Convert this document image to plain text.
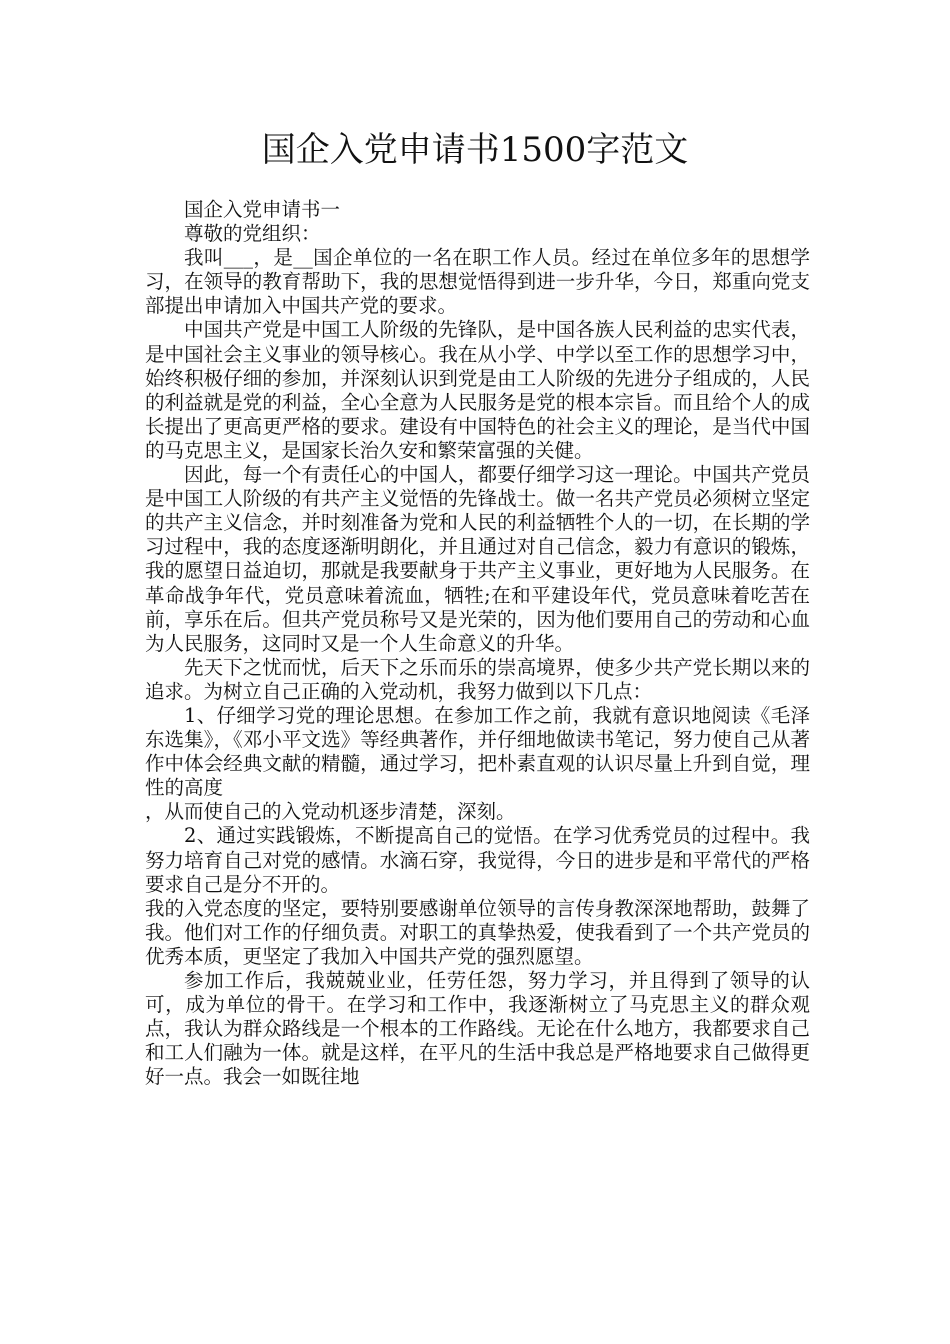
国企入党申请书1500字范文

国企入党申请书一

尊敬的党组织：

我叫___，是__国企单位的一名在职工作人员。经过在单位多年的思想学习，在领导的教育帮助下，我的思想觉悟得到进一步升华，今日，郑重向党支部提出申请加入中国共产党的要求。

中国共产党是中国工人阶级的先锋队，是中国各族人民利益的忠实代表，是中国社会主义事业的领导核心。我在从小学、中学以至工作的思想学习中，始终积极仔细的参加，并深刻认识到党是由工人阶级的先进分子组成的，人民的利益就是党的利益，全心全意为人民服务是党的根本宗旨。而且给个人的成长提出了更高更严格的要求。建设有中国特色的社会主义的理论，是当代中国的马克思主义，是国家长治久安和繁荣富强的关健。

因此，每一个有责任心的中国人，都要仔细学习这一理论。中国共产党员是中国工人阶级的有共产主义觉悟的先锋战士。做一名共产党员必须树立坚定的共产主义信念，并时刻准备为党和人民的利益牺牲个人的一切，在长期的学习过程中，我的态度逐渐明朗化，并且通过对自己信念，毅力有意识的锻炼，我的愿望日益迫切，那就是我要献身于共产主义事业，更好地为人民服务。在革命战争年代，党员意味着流血，牺牲;在和平建设年代，党员意味着吃苦在前，享乐在后。但共产党员称号又是光荣的，因为他们要用自己的劳动和心血为人民服务，这同时又是一个人生命意义的升华。

先天下之忧而忧，后天下之乐而乐的崇高境界，使多少共产党长期以来的追求。为树立自己正确的入党动机，我努力做到以下几点：

1、仔细学习党的理论思想。在参加工作之前，我就有意识地阅读《毛泽东选集》，《邓小平文选》等经典著作，并仔细地做读书笔记，努力使自己从著作中体会经典文献的精髓，通过学习，把朴素直观的认识尽量上升到自觉，理性的高度

，从而使自己的入党动机逐步清楚，深刻。

2、通过实践锻炼，不断提高自己的觉悟。在学习优秀党员的过程中。我努力培育自己对党的感情。水滴石穿，我觉得，今日的进步是和平常代的严格要求自己是分不开的。

我的入党态度的坚定，要特别要感谢单位领导的言传身教深深地帮助，鼓舞了我。他们对工作的仔细负责。对职工的真挚热爱，使我看到了一个共产党员的优秀本质，更坚定了我加入中国共产党的强烈愿望。

参加工作后，我兢兢业业，任劳任怨，努力学习，并且得到了领导的认可，成为单位的骨干。在学习和工作中，我逐渐树立了马克思主义的群众观点，我认为群众路线是一个根本的工作路线。无论在什么地方，我都要求自己和工人们融为一体。就是这样，在平凡的生活中我总是严格地要求自己做得更好一点。我会一如既往地
